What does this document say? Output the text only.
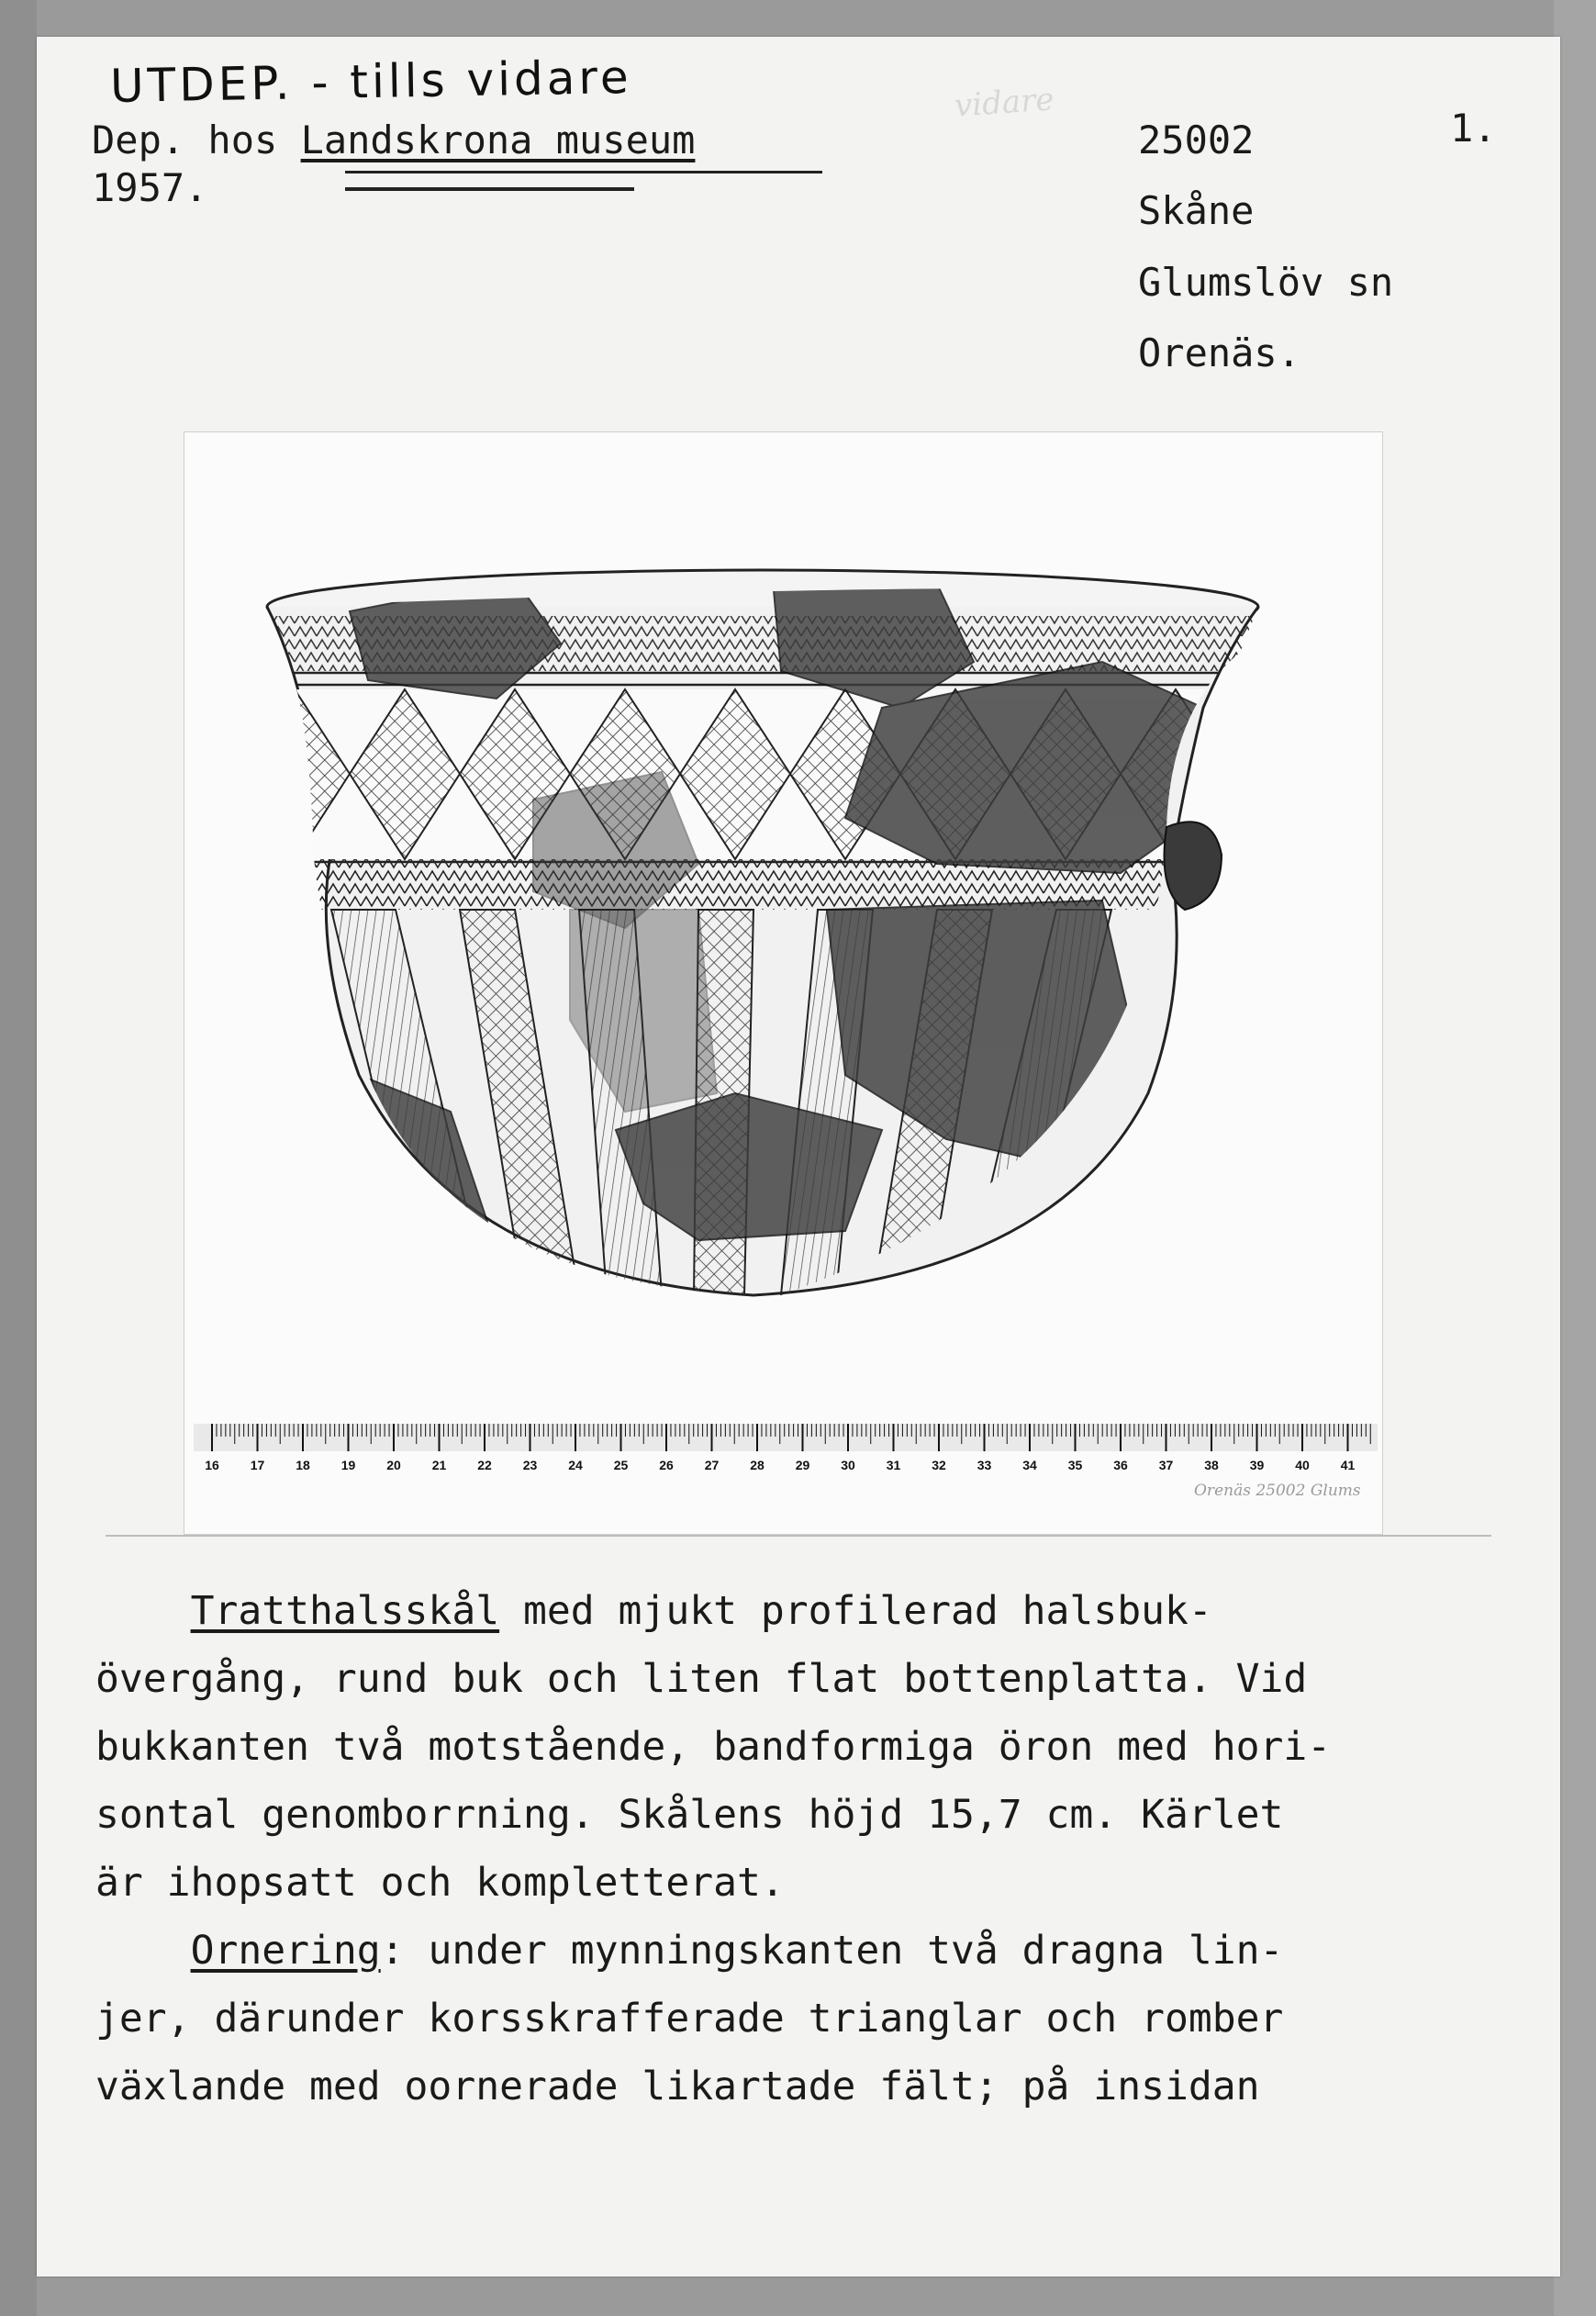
UTDEP. - tills vidare	vidare
Dep. hos Landskrona museum
1957.
1.
25002
Skåne
Glumslöv sn
Orenäs.
16 17 18 19 20 21 22 23 24 25 26 27 28 29 30 31 32 33 34 35 36 37 38 39 40 41
Orenäs 25002 Glums
Tratthalsskål med mjukt profilerad halsbuk-
övergång, rund buk och liten flat bottenplatta. Vid
bukkanten två motstående, bandformiga öron med hori-
sontal genomborrning. Skålens höjd 15,7 cm. Kärlet
är ihopsatt och kompletterat.
Ornering: under mynningskanten två dragna lin-
jer, därunder korsskrafferade trianglar och romber
växlande med oornerade likartade fält; på insidan
